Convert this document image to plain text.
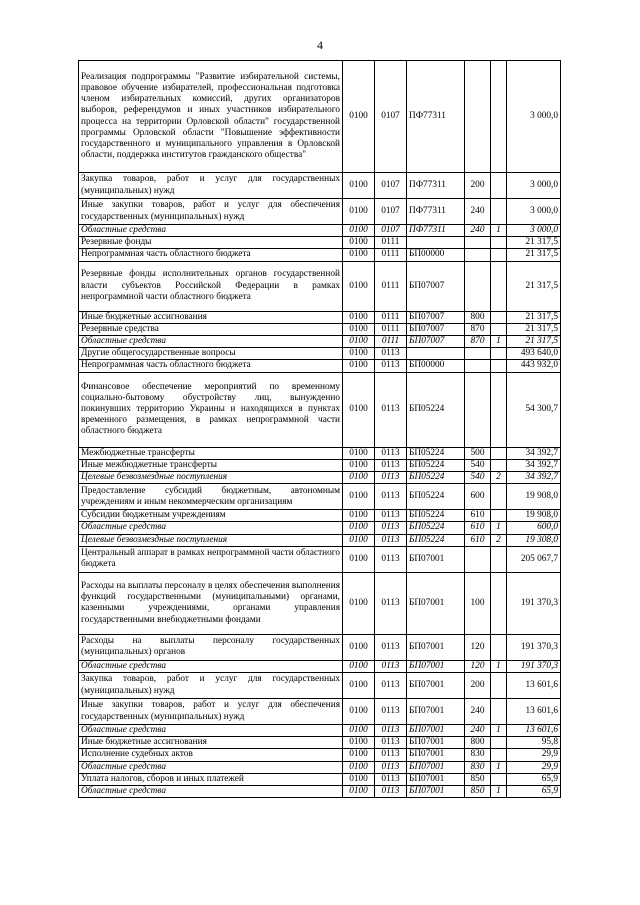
4
Реализация подпрограммы "Развитие избирательной системы, правовое обучение избирателей, профессиональная подготовка членом избирательных комиссий, других организаторов выборов, референдумов и иных участников избирательного процесса на территории Орловской области" государственной программы Орловской области "Повышение эффективности государственного и муниципального управления в Орловской области, поддержка институтов гражданского общества"	0100	0107	ПФ77311			3 000,0
Закупка товаров, работ и услуг для государственных (муниципальных) нужд	0100	0107	ПФ77311	200		3 000,0
Иные закупки товаров, работ и услуг для обеспечения государственных (муниципальных) нужд	0100	0107	ПФ77311	240		3 000,0
Областные средства	0100	0107	ПФ77311	240	1	3 000,0
Резервные фонды	0100	0111				21 317,5
Непрограммная часть областного бюджета	0100	0111	БП00000			21 317,5
Резервные фонды исполнительных органов государственной власти субъектов Российской Федерации в рамках непрограммной части областного бюджета	0100	0111	БП07007			21 317,5
Иные бюджетные ассигнования	0100	0111	БП07007	800		21 317,5
Резервные средства	0100	0111	БП07007	870		21 317,5
Областные средства	0100	0111	БП07007	870	1	21 317,5
Другие общегосударственные вопросы	0100	0113				493 640,0
Непрограммная часть областного бюджета	0100	0113	БП00000			443 932,0
Финансовое обеспечение мероприятий по временному социально-бытовому обустройству лиц, вынужденно покинувших территорию Украины и находящихся в пунктах временного размещения, в рамках непрограммной части областного бюджета	0100	0113	БП05224			54 300,7
Межбюджетные трансферты	0100	0113	БП05224	500		34 392,7
Иные межбюджетные трансферты	0100	0113	БП05224	540		34 392,7
Целевые безвозмездные поступления	0100	0113	БП05224	540	2	34 392,7
Предоставление субсидий бюджетным, автономным учреждениям и иным некоммерческим организациям	0100	0113	БП05224	600		19 908,0
Субсидии бюджетным учреждениям	0100	0113	БП05224	610		19 908,0
Областные средства	0100	0113	БП05224	610	1	600,0
Целевые безвозмездные поступления	0100	0113	БП05224	610	2	19 308,0
Центральный аппарат в рамках непрограммной части областного бюджета	0100	0113	БП07001			205 067,7
Расходы на выплаты персоналу в целях обеспечения выполнения функций государственными (муниципальными) органами, казенными учреждениями, органами управления государственными внебюджетными фондами	0100	0113	БП07001	100		191 370,3
Расходы на выплаты персоналу государственных (муниципальных) органов	0100	0113	БП07001	120		191 370,3
Областные средства	0100	0113	БП07001	120	1	191 370,3
Закупка товаров, работ и услуг для государственных (муниципальных) нужд	0100	0113	БП07001	200		13 601,6
Иные закупки товаров, работ и услуг для обеспечения государственных (муниципальных) нужд	0100	0113	БП07001	240		13 601,6
Областные средства	0100	0113	БП07001	240	1	13 601,6
Иные бюджетные ассигнования	0100	0113	БП07001	800		95,8
Исполнение судебных актов	0100	0113	БП07001	830		29,9
Областные средства	0100	0113	БП07001	830	1	29,9
Уплата налогов, сборов и иных платежей	0100	0113	БП07001	850		65,9
Областные средства	0100	0113	БП07001	850	1	65,9
